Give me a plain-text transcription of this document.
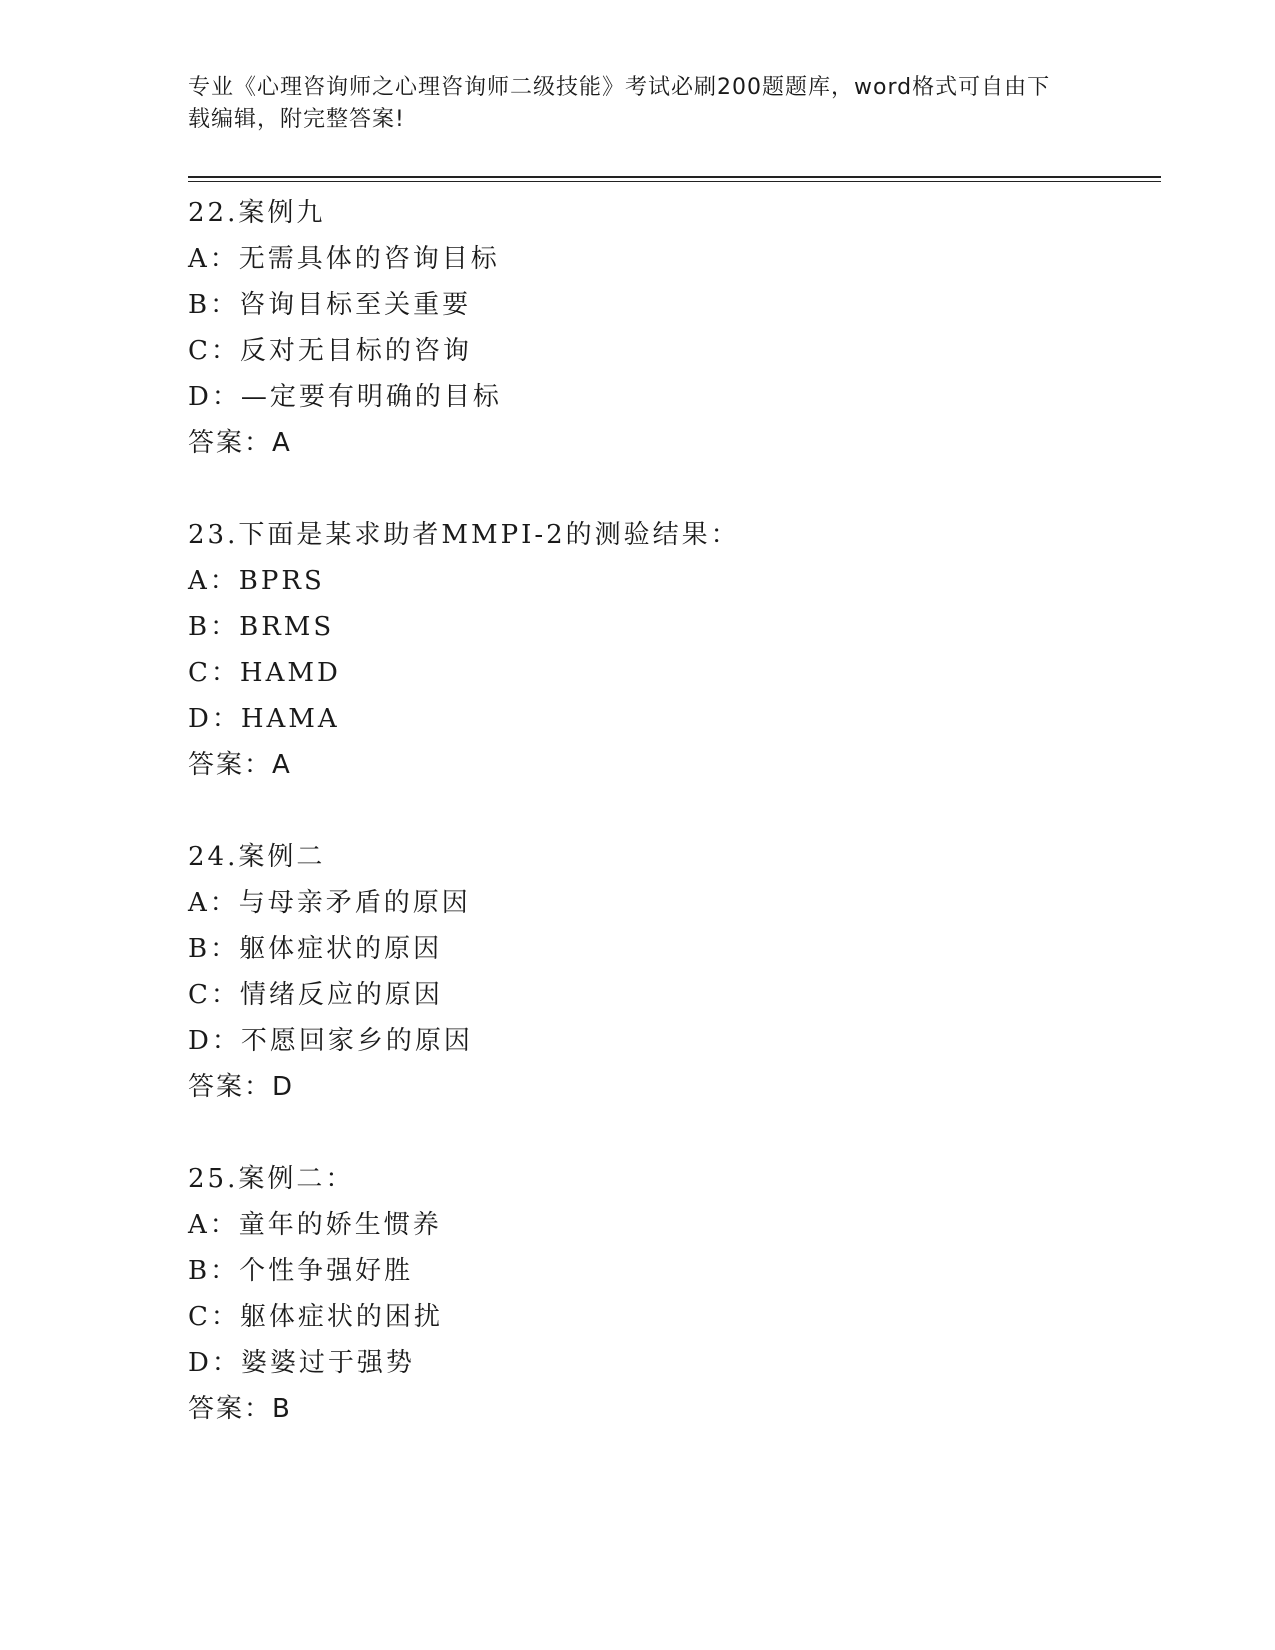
专业《心理咨询师之心理咨询师二级技能》考试必刷200题题库，word格式可自由下载编辑，附完整答案!
22.案例九
A：无需具体的咨询目标
B：咨询目标至关重要
C：反对无目标的咨询
D：—定要有明确的目标
答案：A
23.下面是某求助者MMPI-2的测验结果：
A：BPRS
B：BRMS
C：HAMD
D：HAMA
答案：A
24.案例二
A：与母亲矛盾的原因
B：躯体症状的原因
C：情绪反应的原因
D：不愿回家乡的原因
答案：D
25.案例二：
A：童年的娇生惯养
B：个性争强好胜
C：躯体症状的困扰
D：婆婆过于强势
答案：B
